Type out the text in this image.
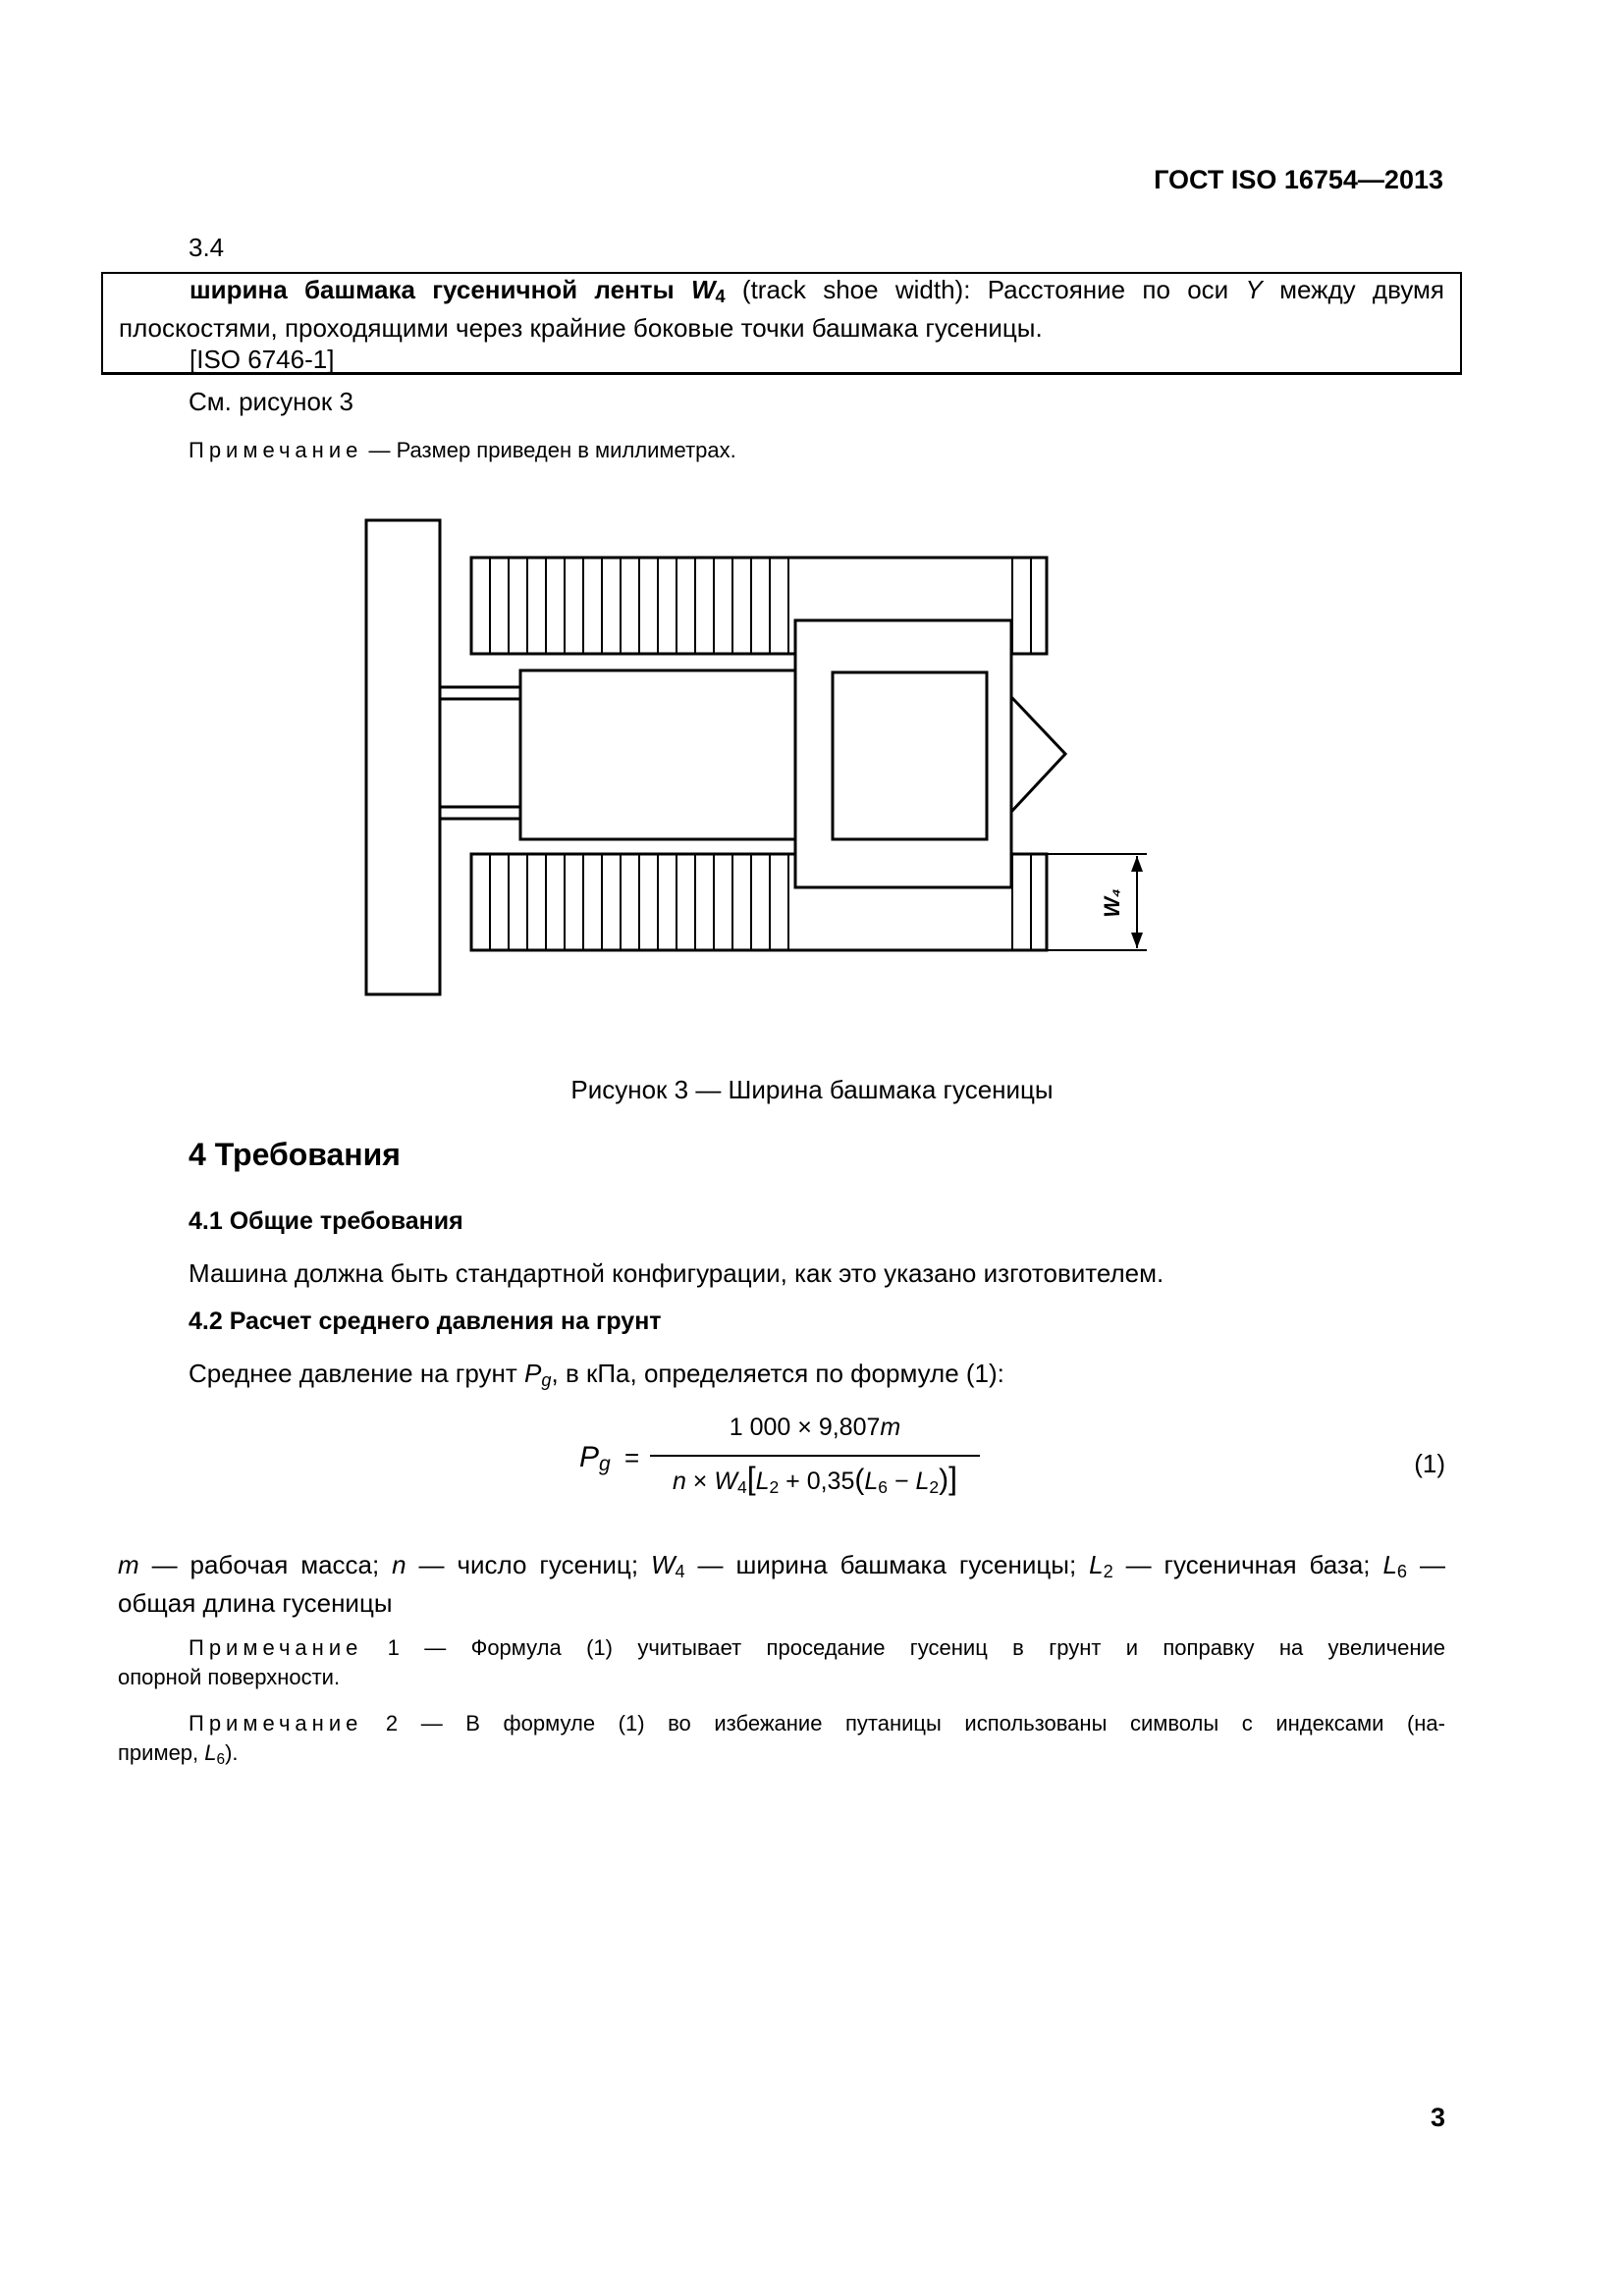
ГОСТ ISO 16754—2013
3.4

ширина башмака гусеничной ленты $W_4$ (track shoe width): Расстояние по оси Y между двумя

плоскостями, проходящими через крайние боковые точки башмака гусеницы.

[ISO 6746-1]

См. рисунок 3
Примечание — Размер приведен в миллиметрах.
W₄
Рисунок 3 — Ширина башмака гусеницы
4 Требования
4.1 Общие требования
Машина должна быть стандартной конфигурации, как это указано изготовителем.
4.2 Расчет среднего давления на грунт
Среднее давление на грунт $P_g$, в кПа, определяется по формуле (1):
$P_g$ =
1 000 × 9,807m
$n \times W_4[L_2 + 0,35(L_6 - L_2)]$	(1)
m — рабочая масса; n — число гусениц; $W_4$ — ширина башмака гусеницы; $L_2$ — гусеничная база; $L_6$ —
общая длина гусеницы
Примечание 1 — Формула (1) учитывает проседание гусениц в грунт и поправку на увеличение
опорной поверхности.
Примечание 2 — В формуле (1) во избежание путаницы использованы символы с индексами (на-
пример, $L_6$).
3
